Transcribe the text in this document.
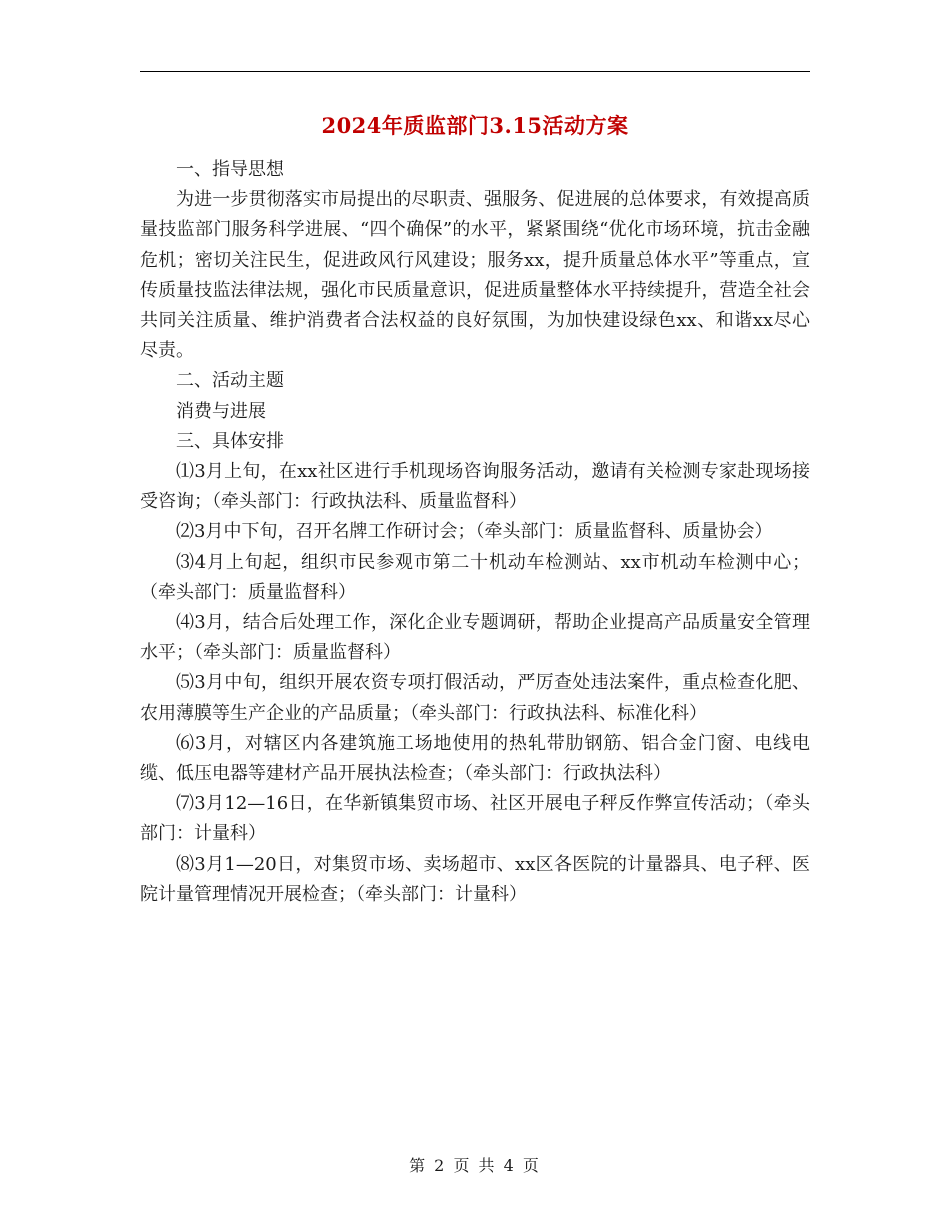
2024年质监部门3.15活动方案

一、指导思想

为进一步贯彻落实市局提出的尽职责、强服务、促进展的总体要求，有效提高质量技监部门服务科学进展、“四个确保”的水平，紧紧围绕“优化市场环境，抗击金融危机；密切关注民生，促进政风行风建设；服务xx，提升质量总体水平”等重点，宣传质量技监法律法规，强化市民质量意识，促进质量整体水平持续提升，营造全社会共同关注质量、维护消费者合法权益的良好氛围，为加快建设绿色xx、和谐xx尽心尽责。

二、活动主题

消费与进展

三、具体安排

⑴3月上旬，在xx社区进行手机现场咨询服务活动，邀请有关检测专家赴现场接受咨询；（牵头部门：行政执法科、质量监督科）

⑵3月中下旬，召开名牌工作研讨会；（牵头部门：质量监督科、质量协会）

⑶4月上旬起，组织市民参观市第二十机动车检测站、xx市机动车检测中心；（牵头部门：质量监督科）

⑷3月，结合后处理工作，深化企业专题调研，帮助企业提高产品质量安全管理水平；（牵头部门：质量监督科）

⑸3月中旬，组织开展农资专项打假活动，严厉查处违法案件，重点检查化肥、农用薄膜等生产企业的产品质量；（牵头部门：行政执法科、标准化科）

⑹3月，对辖区内各建筑施工场地使用的热轧带肋钢筋、铝合金门窗、电线电缆、低压电器等建材产品开展执法检查；（牵头部门：行政执法科）

⑺3月12—16日，在华新镇集贸市场、社区开展电子秤反作弊宣传活动；（牵头部门：计量科）

⑻3月1—20日，对集贸市场、卖场超市、xx区各医院的计量器具、电子秤、医院计量管理情况开展检查；（牵头部门：计量科）

第 2 页 共 4 页
